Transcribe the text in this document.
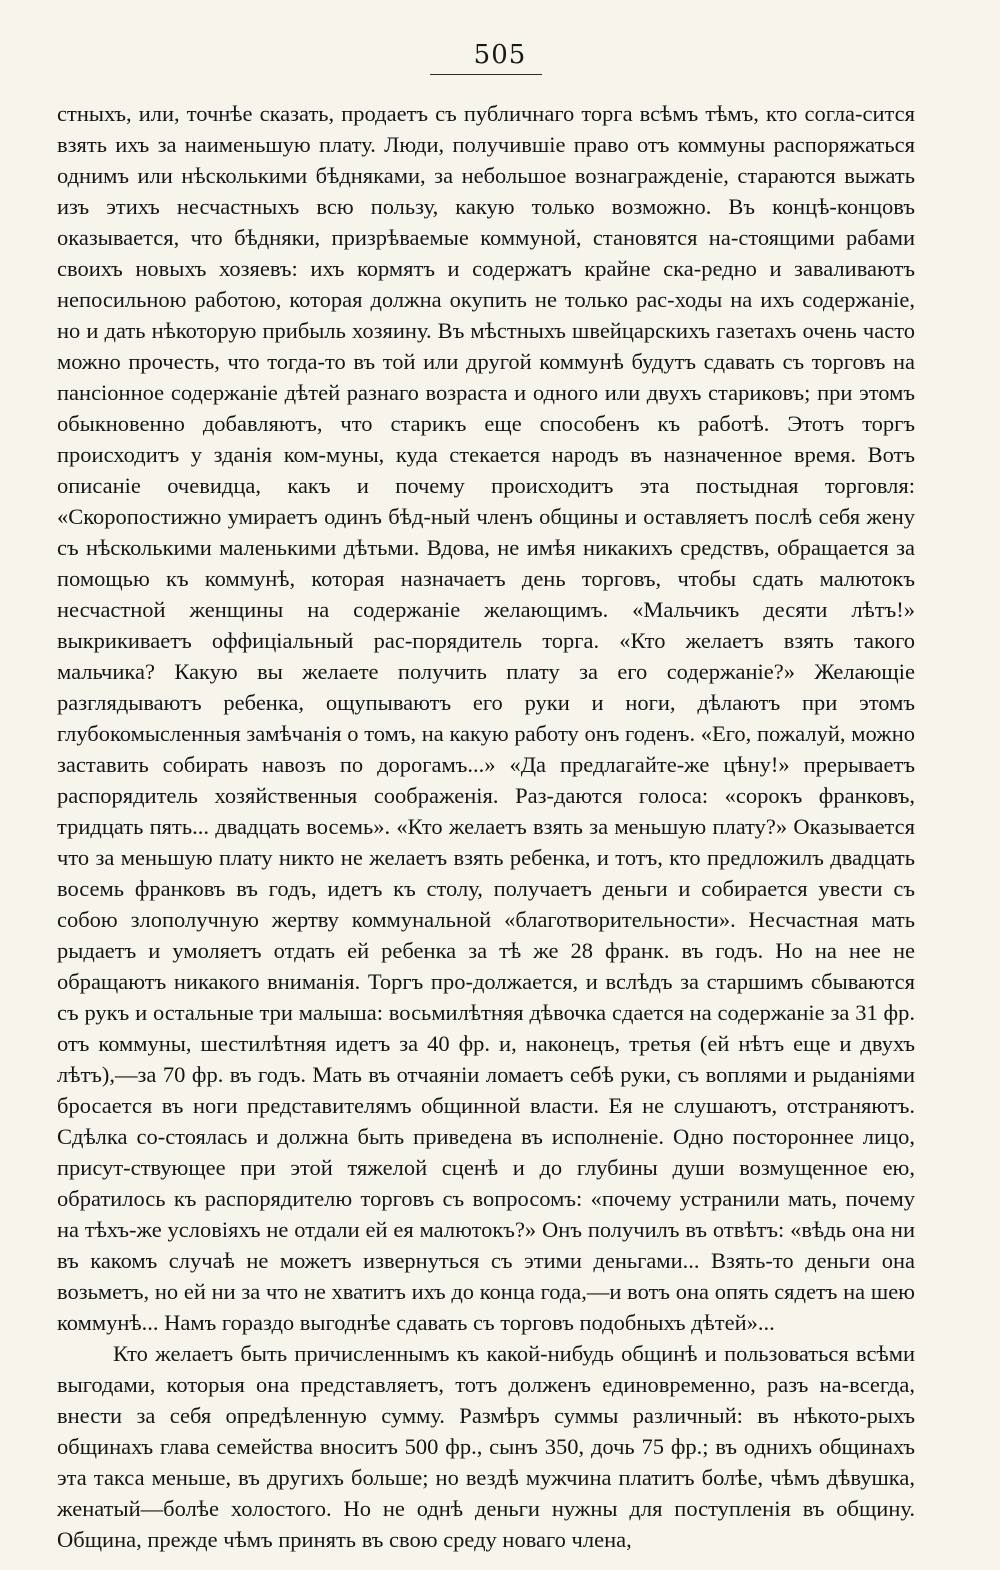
505

стныхъ, или, точнѣе сказать, продаетъ съ публичнаго торга всѣмъ тѣмъ, кто согла-сится взять ихъ за наименьшую плату. Люди, получившіе право отъ коммуны распоряжаться однимъ или нѣсколькими бѣдняками, за небольшое вознагражденіе, стараются выжать изъ этихъ несчастныхъ всю пользу, какую только возможно. Въ концѣ-концовъ оказывается, что бѣдняки, призрѣваемые коммуной, становятся на-стоящими рабами своихъ новыхъ хозяевъ: ихъ кормятъ и содержатъ крайне ска-редно и заваливаютъ непосильною работою, которая должна окупить не только рас-ходы на ихъ содержаніе, но и дать нѣкоторую прибыль хозяину. Въ мѣстныхъ швейцарскихъ газетахъ очень часто можно прочесть, что тогда-то въ той или другой коммунѣ будутъ сдавать съ торговъ на пансіонное содержаніе дѣтей разнаго возраста и одного или двухъ стариковъ; при этомъ обыкновенно добавляютъ, что старикъ еще способенъ къ работѣ. Этотъ торгъ происходитъ у зданія ком-муны, куда стекается народъ въ назначенное время. Вотъ описаніе очевидца, какъ и почему происходитъ эта постыдная торговля: «Скоропостижно умираетъ одинъ бѣд-ный членъ общины и оставляетъ послѣ себя жену съ нѣсколькими маленькими дѣтьми. Вдова, не имѣя никакихъ средствъ, обращается за помощью къ коммунѣ, которая назначаетъ день торговъ, чтобы сдать малютокъ несчастной женщины на содержаніе желающимъ. «Мальчикъ десяти лѣтъ!» выкрикиваетъ оффиціальный рас-порядитель торга. «Кто желаетъ взять такого мальчика? Какую вы желаете получить плату за его содержаніе?» Желающіе разглядываютъ ребенка, ощупываютъ его руки и ноги, дѣлаютъ при этомъ глубокомысленныя замѣчанія о томъ, на какую работу онъ годенъ. «Его, пожалуй, можно заставить собирать навозъ по дорогамъ...» «Да предлагайте-же цѣну!» прерываетъ распорядитель хозяйственныя соображенія. Раз-даются голоса: «сорокъ франковъ, тридцать пять... двадцать восемь». «Кто желаетъ взять за меньшую плату?» Оказывается что за меньшую плату никто не желаетъ взять ребенка, и тотъ, кто предложилъ двадцать восемь франковъ въ годъ, идетъ къ столу, получаетъ деньги и собирается увести съ собою злополучную жертву коммунальной «благотворительности». Несчастная мать рыдаетъ и умоляетъ отдать ей ребенка за тѣ же 28 франк. въ годъ. Но на нее не обращаютъ никакого вниманія. Торгъ про-должается, и вслѣдъ за старшимъ сбываются съ рукъ и остальные три малыша: восьмилѣтняя дѣвочка сдается на содержаніе за 31 фр. отъ коммуны, шестилѣтняя идетъ за 40 фр. и, наконецъ, третья (ей нѣтъ еще и двухъ лѣтъ),—за 70 фр. въ годъ. Мать въ отчаяніи ломаетъ себѣ руки, съ воплями и рыданіями бросается въ ноги представителямъ общинной власти. Ея не слушаютъ, отстраняютъ. Сдѣлка со-стоялась и должна быть приведена въ исполненіе. Одно постороннее лицо, присут-ствующее при этой тяжелой сценѣ и до глубины души возмущенное ею, обратилось къ распорядителю торговъ съ вопросомъ: «почему устранили мать, почему на тѣхъ-же условіяхъ не отдали ей ея малютокъ?» Онъ получилъ въ отвѣтъ: «вѣдь она ни въ какомъ случаѣ не можетъ извернуться съ этими деньгами... Взять-то деньги она возьметъ, но ей ни за что не хватитъ ихъ до конца года,—и вотъ она опять сядетъ на шею коммунѣ... Намъ гораздо выгоднѣе сдавать съ торговъ подобныхъ дѣтей»...

Кто желаетъ быть причисленнымъ къ какой-нибудь общинѣ и пользоваться всѣми выгодами, которыя она представляетъ, тотъ долженъ единовременно, разъ на-всегда, внести за себя опредѣленную сумму. Размѣръ суммы различный: въ нѣкото-рыхъ общинахъ глава семейства вноситъ 500 фр., сынъ 350, дочь 75 фр.; въ однихъ общинахъ эта такса меньше, въ другихъ больше; но вездѣ мужчина платитъ болѣе, чѣмъ дѣвушка, женатый—болѣе холостого. Но не однѣ деньги нужны для поступленія въ общину. Община, прежде чѣмъ принять въ свою среду новаго члена,
